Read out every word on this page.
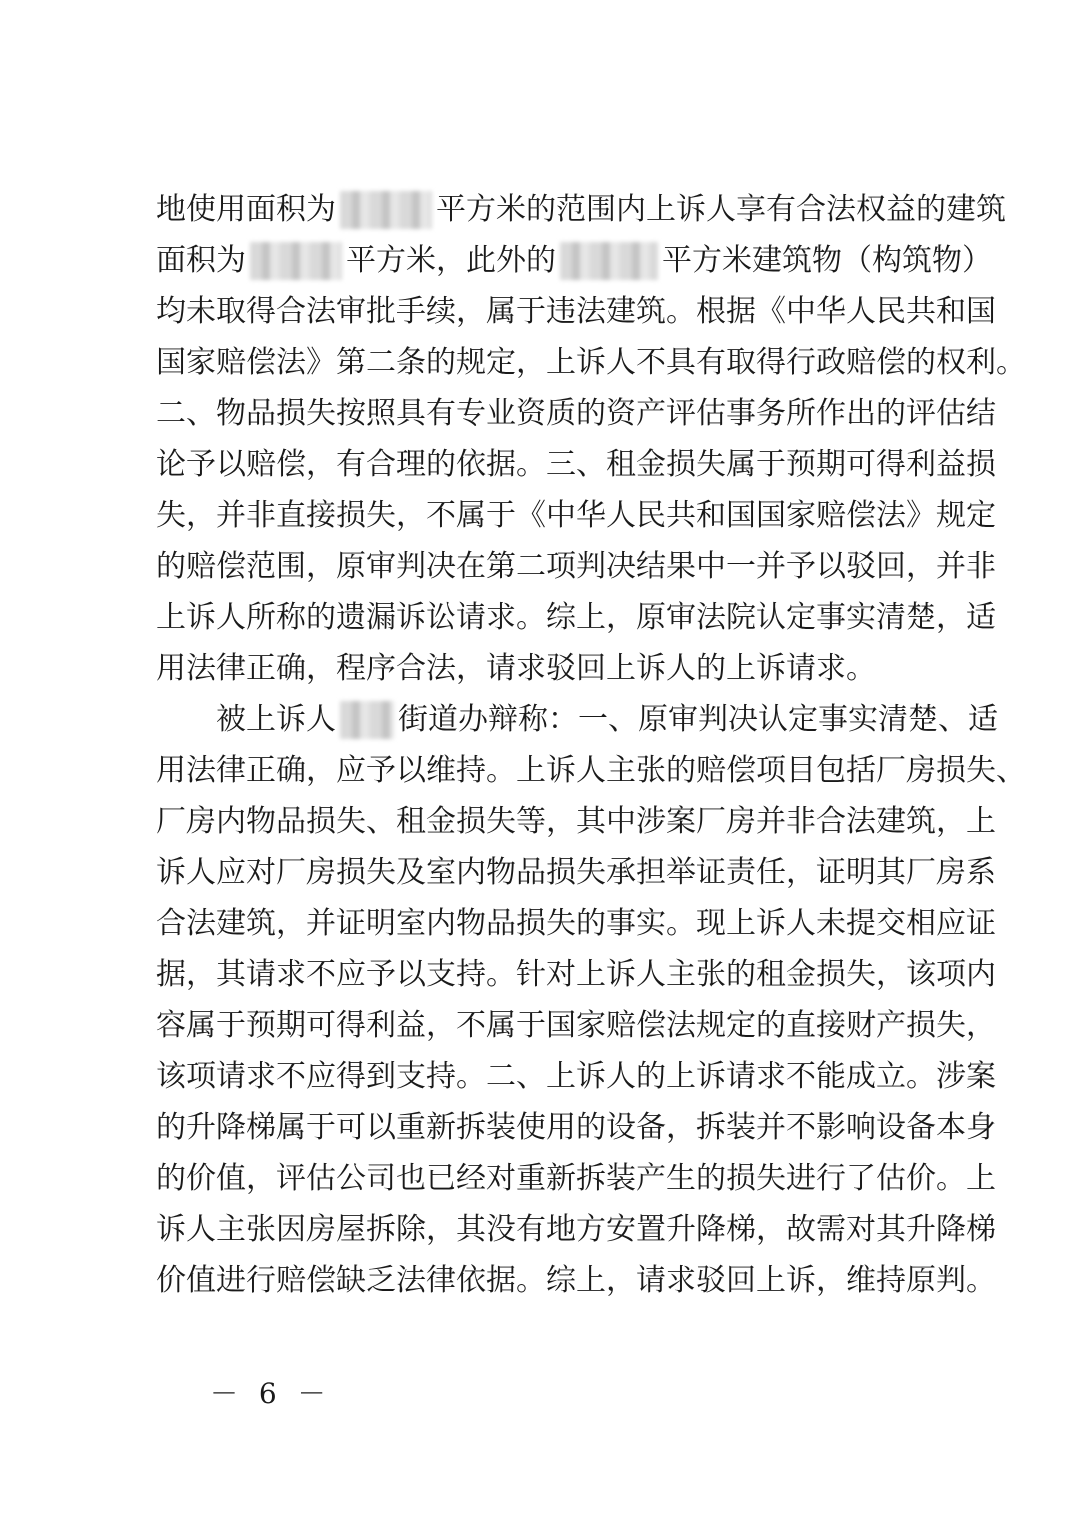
地使用面积为	平方米的范围内上诉人享有合法权益的建筑
面积为	平方米，此外的	平方米建筑物（构筑物）
均未取得合法审批手续，属于违法建筑。根据《中华人民共和国
国家赔偿法》第二条的规定，上诉人不具有取得行政赔偿的权利。
二、物品损失按照具有专业资质的资产评估事务所作出的评估结
论予以赔偿，有合理的依据。三、租金损失属于预期可得利益损
失，并非直接损失，不属于《中华人民共和国国家赔偿法》规定
的赔偿范围，原审判决在第二项判决结果中一并予以驳回，并非
上诉人所称的遗漏诉讼请求。综上，原审法院认定事实清楚，适
用法律正确，程序合法，请求驳回上诉人的上诉请求。
被上诉人 街道办辩称：一、原审判决认定事实清楚、适
用法律正确，应予以维持。上诉人主张的赔偿项目包括厂房损失、
厂房内物品损失、租金损失等，其中涉案厂房并非合法建筑，上
诉人应对厂房损失及室内物品损失承担举证责任，证明其厂房系
合法建筑，并证明室内物品损失的事实。现上诉人未提交相应证
据，其请求不应予以支持。针对上诉人主张的租金损失，该项内
容属于预期可得利益，不属于国家赔偿法规定的直接财产损失，
该项请求不应得到支持。二、上诉人的上诉请求不能成立。涉案
的升降梯属于可以重新拆装使用的设备，拆装并不影响设备本身
的价值，评估公司也已经对重新拆装产生的损失进行了估价。上
诉人主张因房屋拆除，其没有地方安置升降梯，故需对其升降梯
价值进行赔偿缺乏法律依据。综上，请求驳回上诉，维持原判。
－ 6 －
